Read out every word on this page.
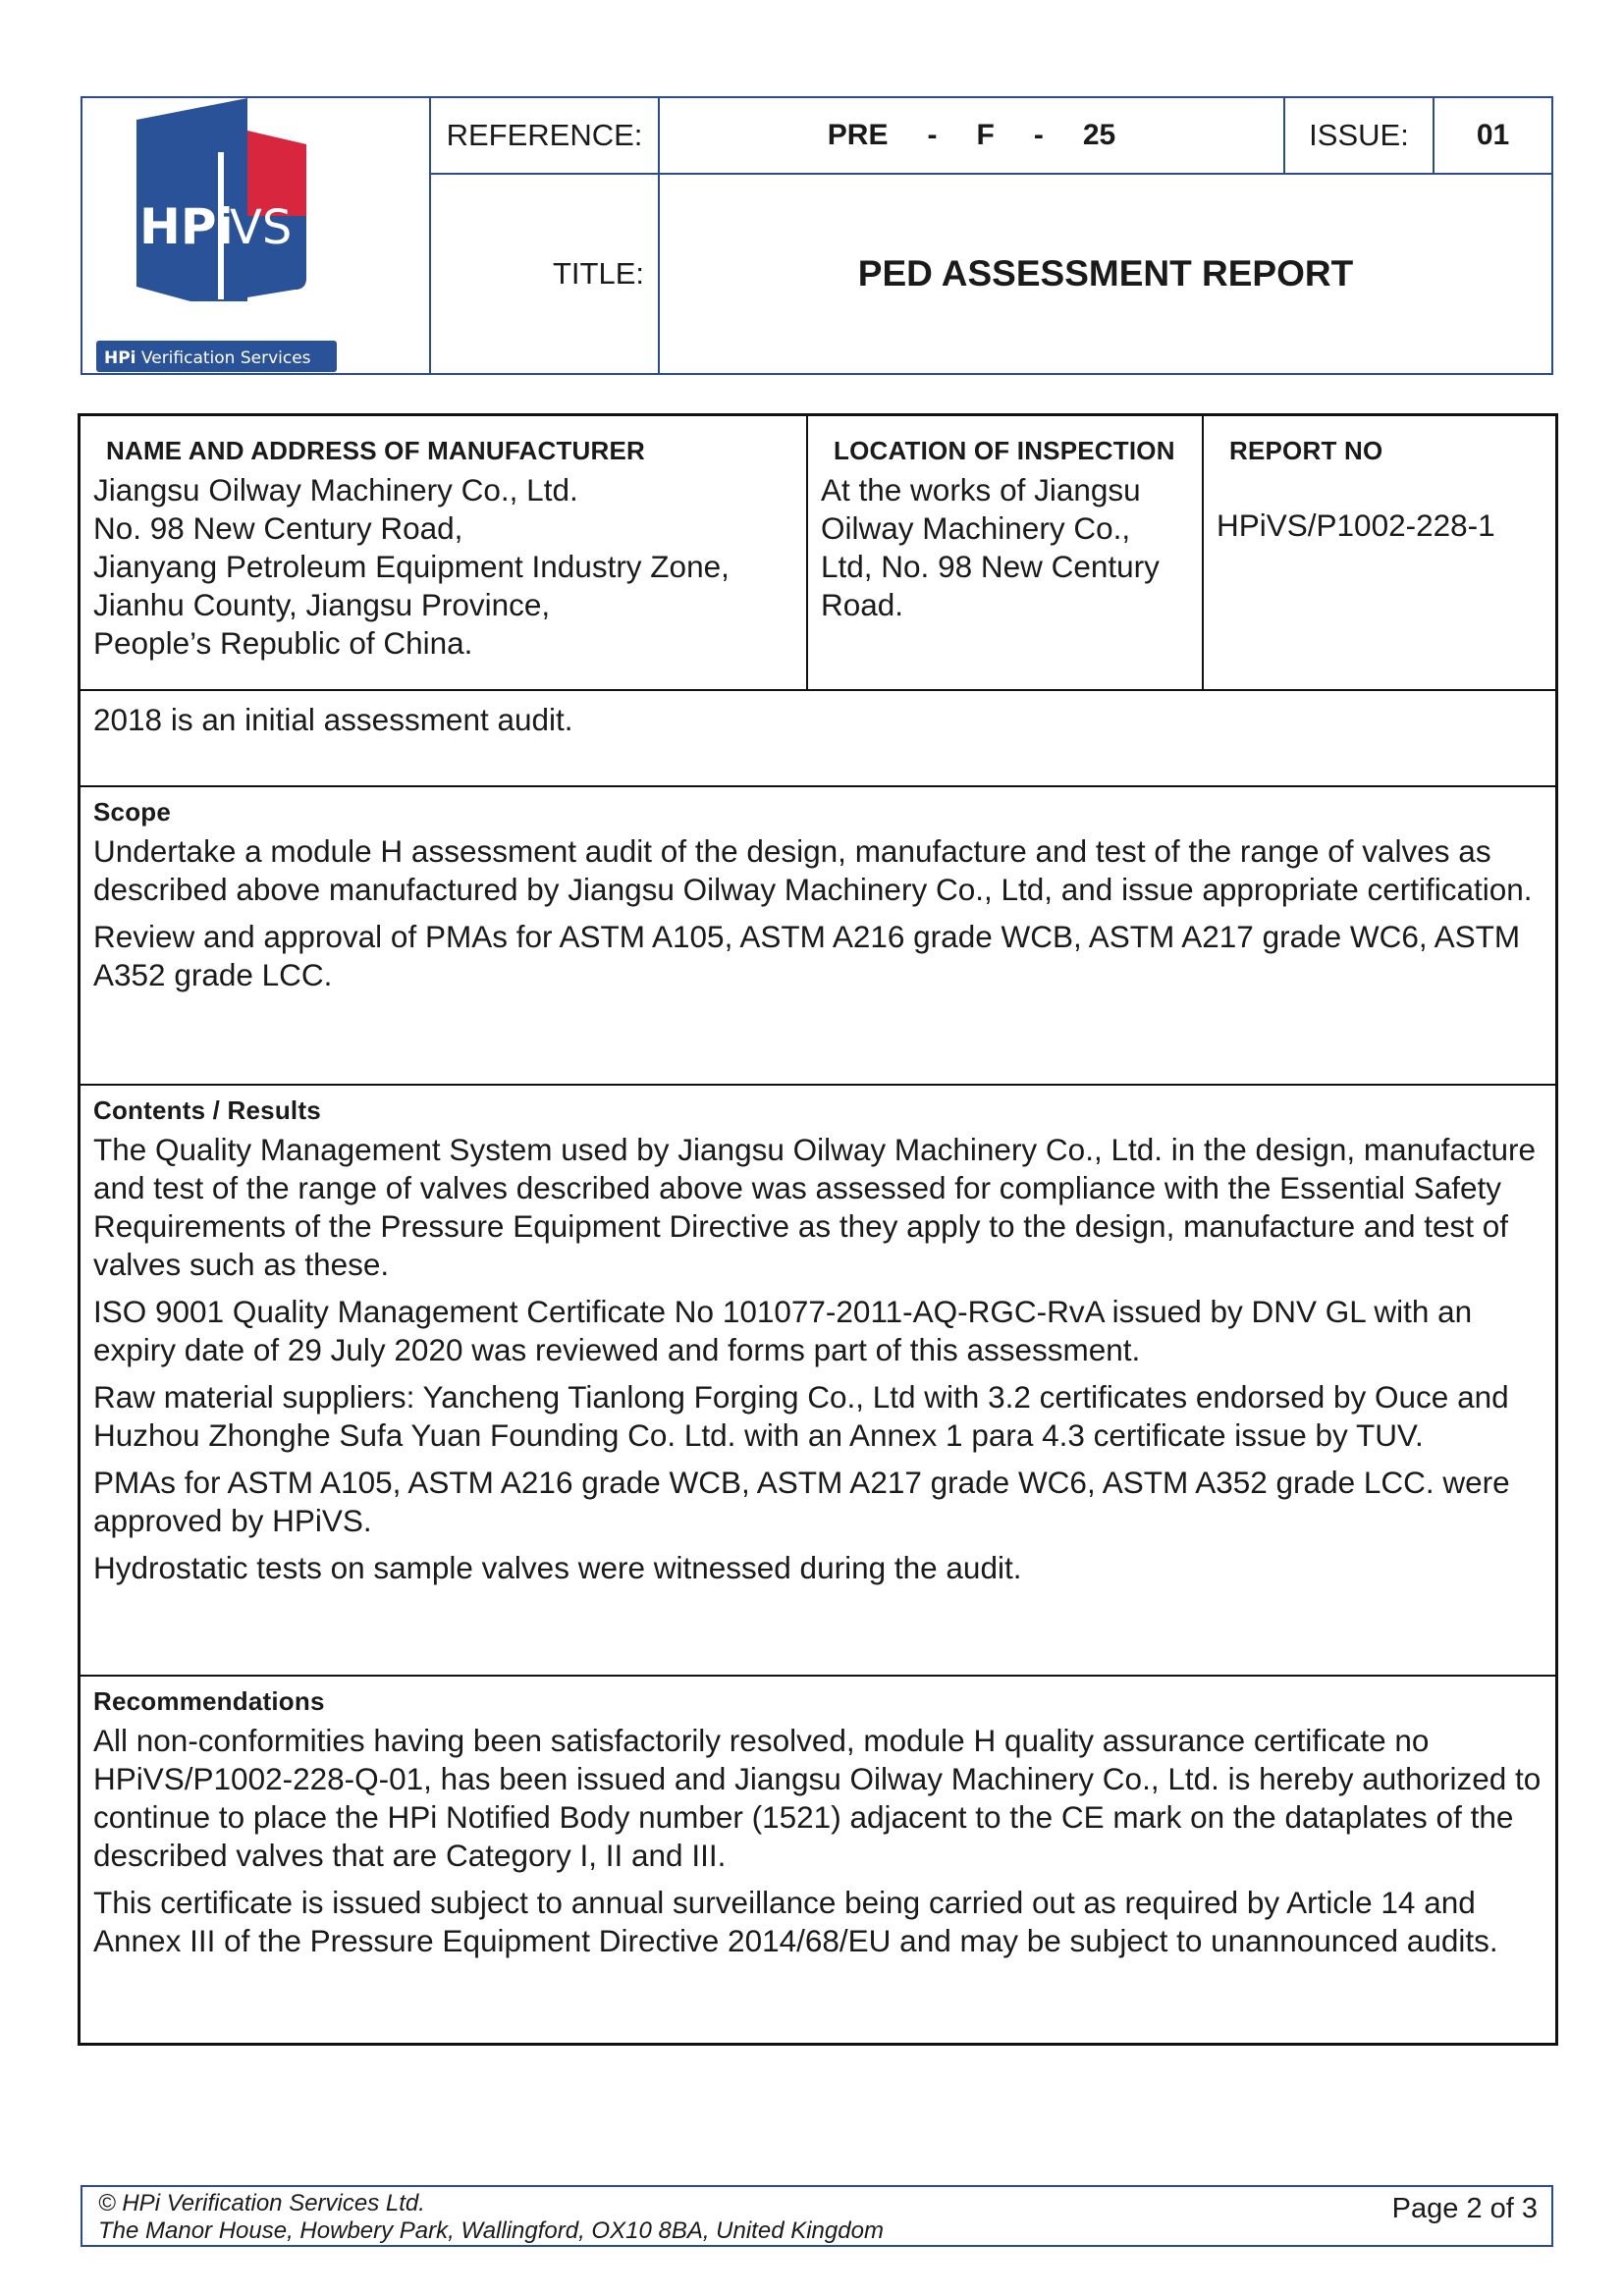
HPi
VS
HPi Verification Services
REFERENCE:	PRE - F - 25	ISSUE:	01
TITLE:	PED ASSESSMENT REPORT
NAME AND ADDRESS OF MANUFACTURER
Jiangsu Oilway Machinery Co., Ltd.
No. 98 New Century Road,
Jianyang Petroleum Equipment Industry Zone,
Jianhu County, Jiangsu Province,
People’s Republic of China.
LOCATION OF INSPECTION
At the works of Jiangsu
Oilway Machinery Co.,
Ltd, No. 98 New Century
Road.
REPORT NO
HPiVS/P1002-228-1
2018 is an initial assessment audit.
Scope
Undertake a module H assessment audit of the design, manufacture and test of the range of valves as described above manufactured by Jiangsu Oilway Machinery Co., Ltd, and issue appropriate certification.
Review and approval of PMAs for ASTM A105, ASTM A216 grade WCB, ASTM A217 grade WC6, ASTM A352 grade LCC.
Contents / Results
The Quality Management System used by Jiangsu Oilway Machinery Co., Ltd. in the design, manufacture and test of the range of valves described above was assessed for compliance with the Essential Safety Requirements of the Pressure Equipment Directive as they apply to the design, manufacture and test of valves such as these.
ISO 9001 Quality Management Certificate No 101077-2011-AQ-RGC-RvA issued by DNV GL with an expiry date of 29 July 2020 was reviewed and forms part of this assessment.
Raw material suppliers: Yancheng Tianlong Forging Co., Ltd with 3.2 certificates endorsed by Ouce and Huzhou Zhonghe Sufa Yuan Founding Co. Ltd. with an Annex 1 para 4.3 certificate issue by TUV.
PMAs for ASTM A105, ASTM A216 grade WCB, ASTM A217 grade WC6, ASTM A352 grade LCC. were approved by HPiVS.
Hydrostatic tests on sample valves were witnessed during the audit.
Recommendations
All non-conformities having been satisfactorily resolved, module H quality assurance certificate no HPiVS/P1002-228-Q-01, has been issued and Jiangsu Oilway Machinery Co., Ltd. is hereby authorized to continue to place the HPi Notified Body number (1521) adjacent to the CE mark on the dataplates of the described valves that are Category I, II and III.
This certificate is issued subject to annual surveillance being carried out as required by Article 14 and Annex III of the Pressure Equipment Directive 2014/68/EU and may be subject to unannounced audits.
© HPi Verification Services Ltd.
The Manor House, Howbery Park, Wallingford, OX10 8BA, United Kingdom
Page 2 of 3
